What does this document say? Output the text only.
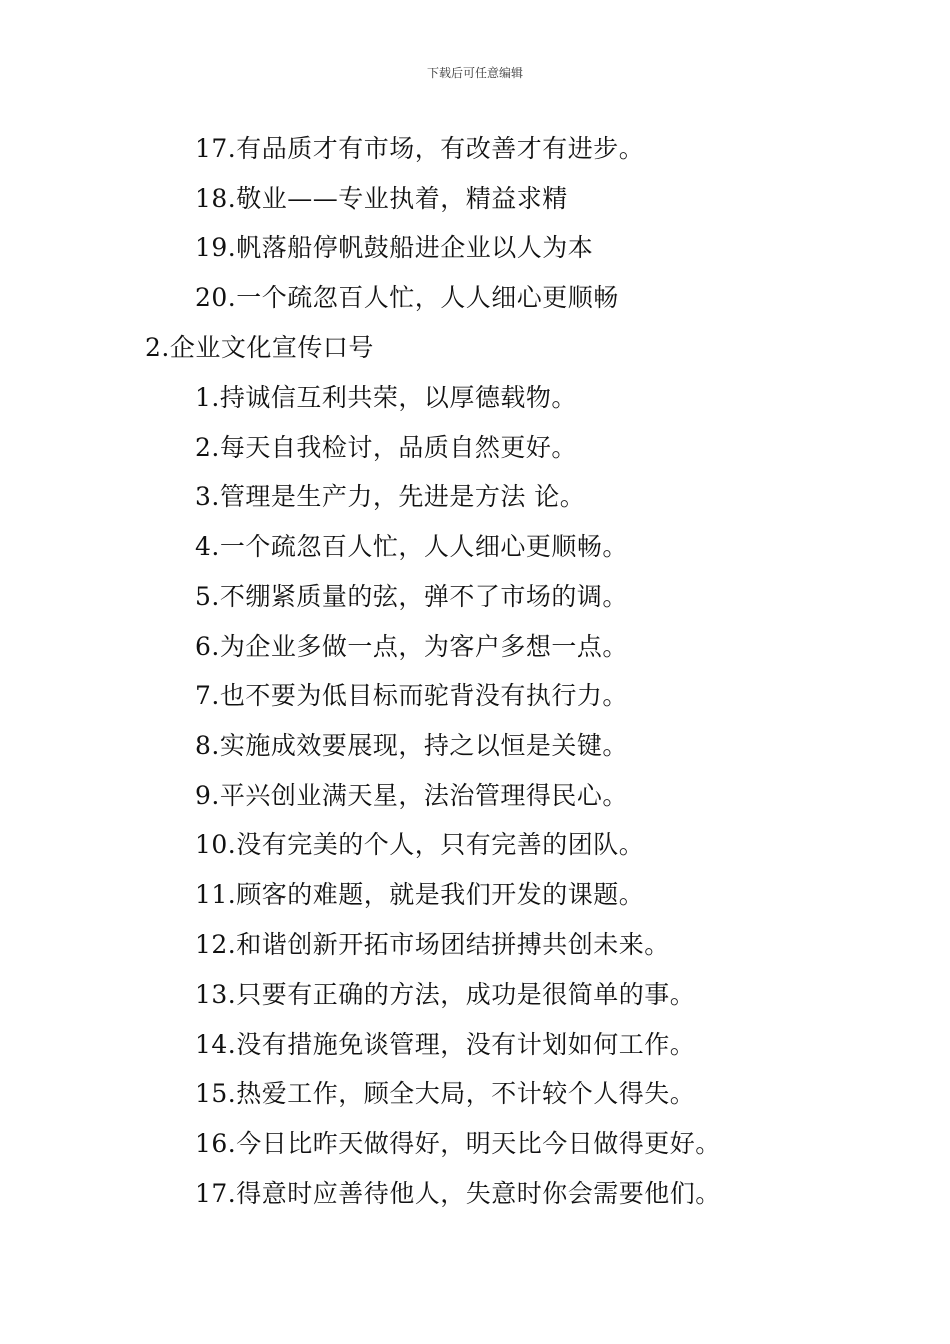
下载后可任意编辑
17.有品质才有市场，有改善才有进步。
18.敬业——专业执着，精益求精
19.帆落船停帆鼓船进企业以人为本
20.一个疏忽百人忙，人人细心更顺畅
2.企业文化宣传口号
1.持诚信互利共荣，以厚德载物。
2.每天自我检讨，品质自然更好。
3.管理是生产力，先进是方法 论。
4.一个疏忽百人忙，人人细心更顺畅。
5.不绷紧质量的弦，弹不了市场的调。
6.为企业多做一点，为客户多想一点。
7.也不要为低目标而驼背没有执行力。
8.实施成效要展现，持之以恒是关键。
9.平兴创业满天星，法治管理得民心。
10.没有完美的个人，只有完善的团队。
11.顾客的难题，就是我们开发的课题。
12.和谐创新开拓市场团结拼搏共创未来。
13.只要有正确的方法，成功是很简单的事。
14.没有措施免谈管理，没有计划如何工作。
15.热爱工作，顾全大局，不计较个人得失。
16.今日比昨天做得好，明天比今日做得更好。
17.得意时应善待他人，失意时你会需要他们。
